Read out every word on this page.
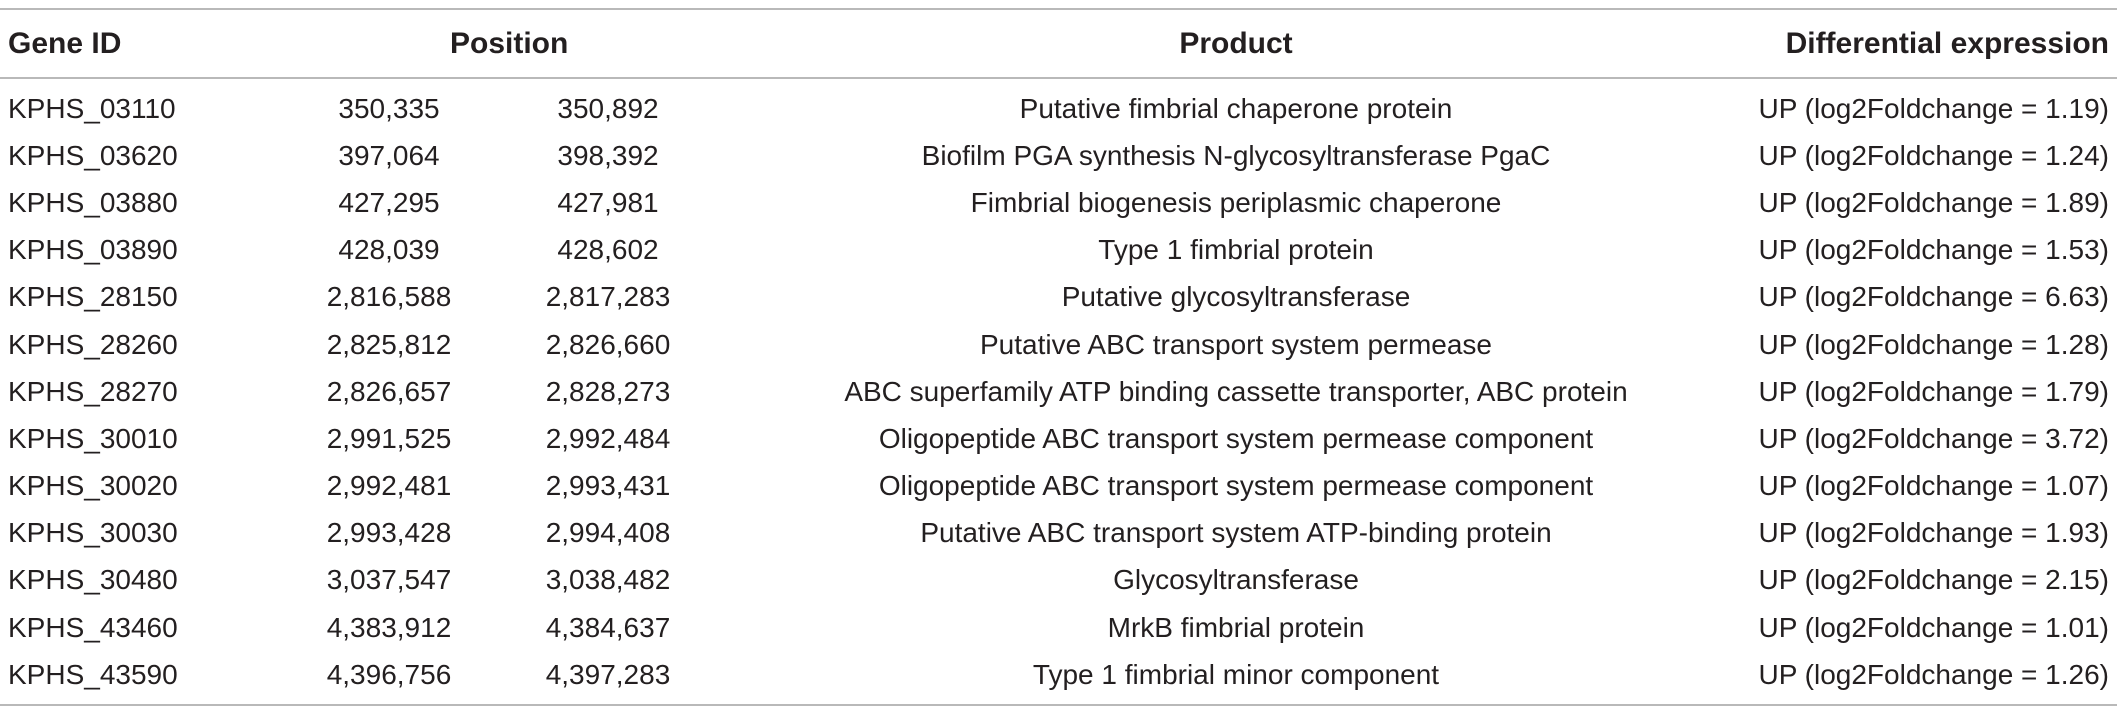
Gene ID	Position		Product	Differential expression
KPHS_03110	350,335	350,892	Putative fimbrial chaperone protein	UP (log2Foldchange = 1.19)
KPHS_03620	397,064	398,392	Biofilm PGA synthesis N-glycosyltransferase PgaC	UP (log2Foldchange = 1.24)
KPHS_03880	427,295	427,981	Fimbrial biogenesis periplasmic chaperone	UP (log2Foldchange = 1.89)
KPHS_03890	428,039	428,602	Type 1 fimbrial protein	UP (log2Foldchange = 1.53)
KPHS_28150	2,816,588	2,817,283	Putative glycosyltransferase	UP (log2Foldchange = 6.63)
KPHS_28260	2,825,812	2,826,660	Putative ABC transport system permease	UP (log2Foldchange = 1.28)
KPHS_28270	2,826,657	2,828,273	ABC superfamily ATP binding cassette transporter, ABC protein	UP (log2Foldchange = 1.79)
KPHS_30010	2,991,525	2,992,484	Oligopeptide ABC transport system permease component	UP (log2Foldchange = 3.72)
KPHS_30020	2,992,481	2,993,431	Oligopeptide ABC transport system permease component	UP (log2Foldchange = 1.07)
KPHS_30030	2,993,428	2,994,408	Putative ABC transport system ATP-binding protein	UP (log2Foldchange = 1.93)
KPHS_30480	3,037,547	3,038,482	Glycosyltransferase	UP (log2Foldchange = 2.15)
KPHS_43460	4,383,912	4,384,637	MrkB fimbrial protein	UP (log2Foldchange = 1.01)
KPHS_43590	4,396,756	4,397,283	Type 1 fimbrial minor component	UP (log2Foldchange = 1.26)
